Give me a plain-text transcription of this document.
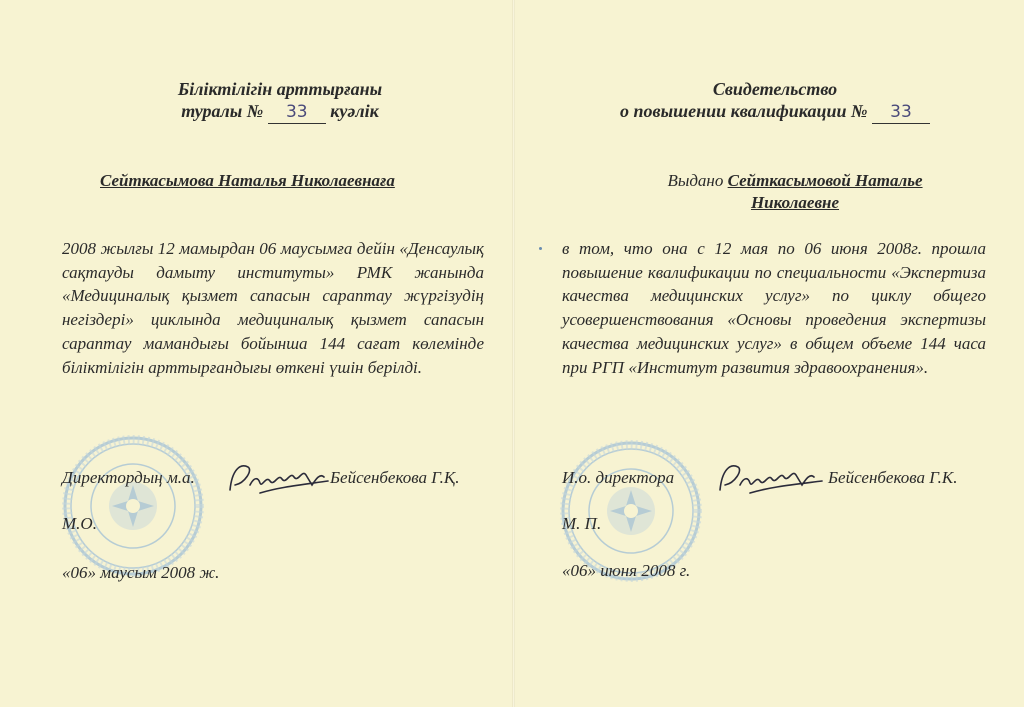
Біліктілігін арттырғаны
туралы № 33 куәлік
Сейткасымова Наталья Николаевнаға
2008 жылғы 12 мамырдан 06 маусымға дейін «Денсаулық сақтауды дамыту институты» РМК жанында «Медициналық қызмет сапасын сараптау жүргізудің негіздері» циклында медициналық қызмет сапасын сараптау мамандығы бойынша 144 сағат көлемінде біліктілігін арттырғандығы өткені үшін берілді.
Директордың м.а.	Бейсенбекова Г.Қ.
М.О.
«06» маусым 2008 ж.
Свидетельство
о повышении квалификации № 33
Выдано Сейткасымовой Наталье
Николаевне
в том, что она с 12 мая по 06 июня 2008г. прошла повышение квалификации по специальности «Экспертиза качества медицинских услуг» по циклу общего усовершенствования «Основы проведения экспертизы качества медицинских услуг» в общем объеме 144 часа при РГП «Институт развития здравоохранения».
И.о. директора	Бейсенбекова Г.К.
М. П.
«06» июня 2008 г.
